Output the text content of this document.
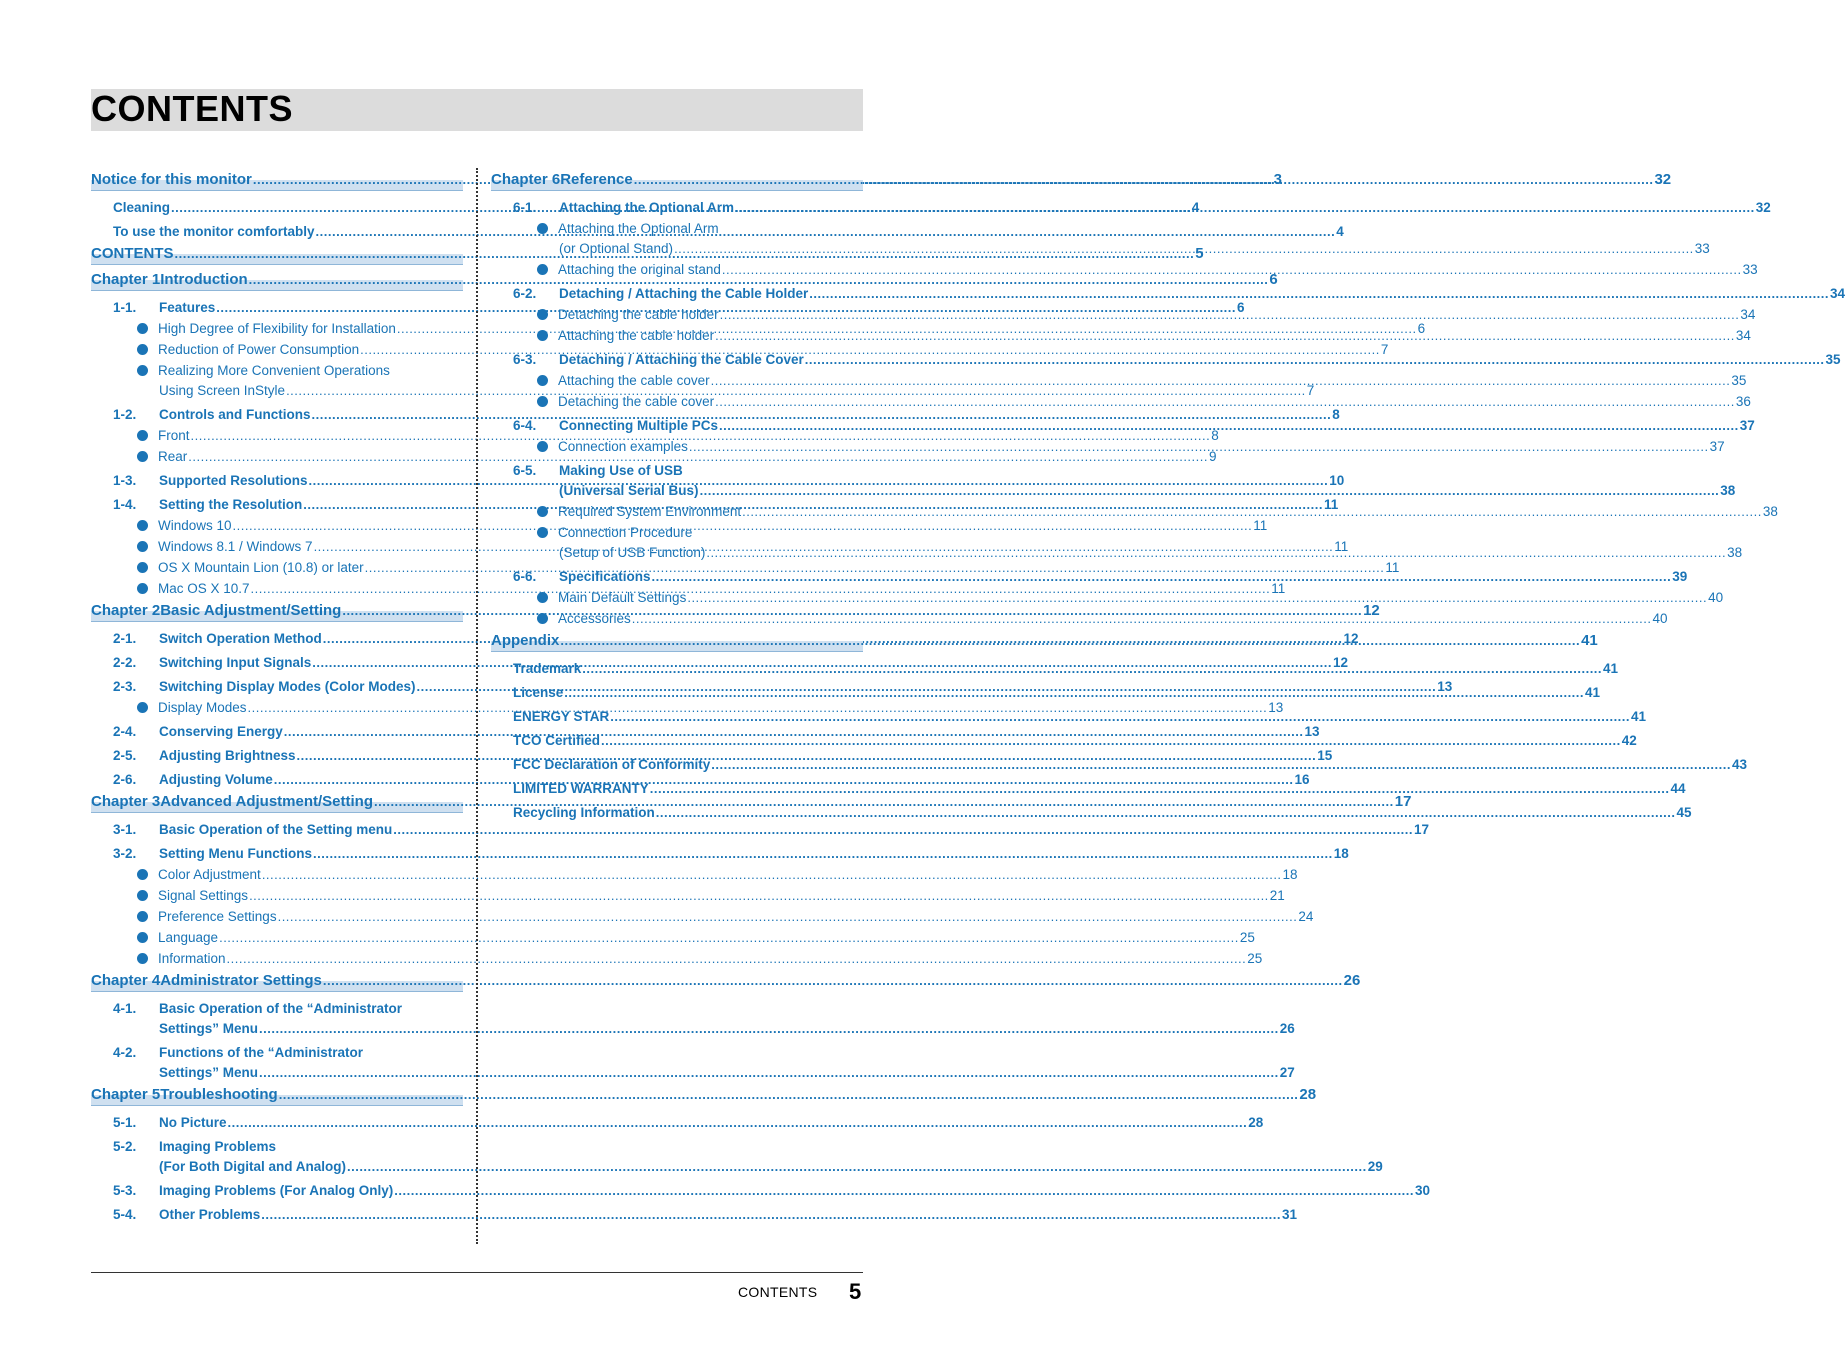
CONTENTS
Notice for this monitor .....	3
Cleaning .....	4
To use the monitor comfortably .....	4
CONTENTS .....	5
Chapter 1 Introduction .....	6
1-1.	Features .....	6
High Degree of Flexibility for Installation .....	6
Reduction of Power Consumption .....	7
Realizing More Convenient Operations
Using Screen InStyle .....	7
1-2.	Controls and Functions .....	8
Front .....	8
Rear .....	9
1-3.	Supported Resolutions .....	10
1-4.	Setting the Resolution .....	11
Windows 10 .....	11
Windows 8.1 / Windows 7 .....	11
OS X Mountain Lion (10.8) or later .....	11
Mac OS X 10.7 .....	11
Chapter 2 Basic Adjustment/Setting .....	12
2-1.	Switch Operation Method .....	12
2-2.	Switching Input Signals .....	12
2-3.	Switching Display Modes (Color Modes) .....	13
Display Modes .....	13
2-4.	Conserving Energy .....	13
2-5.	Adjusting Brightness .....	15
2-6.	Adjusting Volume .....	16
Chapter 3 Advanced Adjustment/Setting .....	17
3-1.	Basic Operation of the Setting menu .....	17
3-2.	Setting Menu Functions .....	18
Color Adjustment .....	18
Signal Settings .....	21
Preference Settings .....	24
Language .....	25
Information .....	25
Chapter 4 Administrator Settings .....	26
4-1.	Basic Operation of the “Administrator
Settings” Menu .....	26
4-2.	Functions of the “Administrator
Settings” Menu .....	27
Chapter 5 Troubleshooting .....	28
5-1.	No Picture .....	28
5-2.	Imaging Problems
(For Both Digital and Analog) .....	29
5-3.	Imaging Problems (For Analog Only) .....	30
5-4.	Other Problems .....	31
Chapter 6 Reference .....	32
6-1.	Attaching the Optional Arm .....	32
Attaching the Optional Arm
(or Optional Stand) .....	33
Attaching the original stand .....	33
6-2.	Detaching / Attaching the Cable Holder .....	34
Detaching the cable holder .....	34
Attaching the cable holder .....	34
6-3.	Detaching / Attaching the Cable Cover .....	35
Attaching the cable cover .....	35
Detaching the cable cover .....	36
6-4.	Connecting Multiple PCs .....	37
Connection examples .....	37
6-5.	Making Use of USB
(Universal Serial Bus) .....	38
Required System Environment .....	38
Connection Procedure
(Setup of USB Function) .....	38
6-6.	Specifications .....	39
Main Default Settings .....	40
Accessories .....	40
Appendix .....	41
Trademark .....	41
License .....	41
ENERGY STAR .....	41
TCO Certified .....	42
FCC Declaration of Conformity .....	43
LIMITED WARRANTY .....	44
Recycling Information .....	45
CONTENTS 5
